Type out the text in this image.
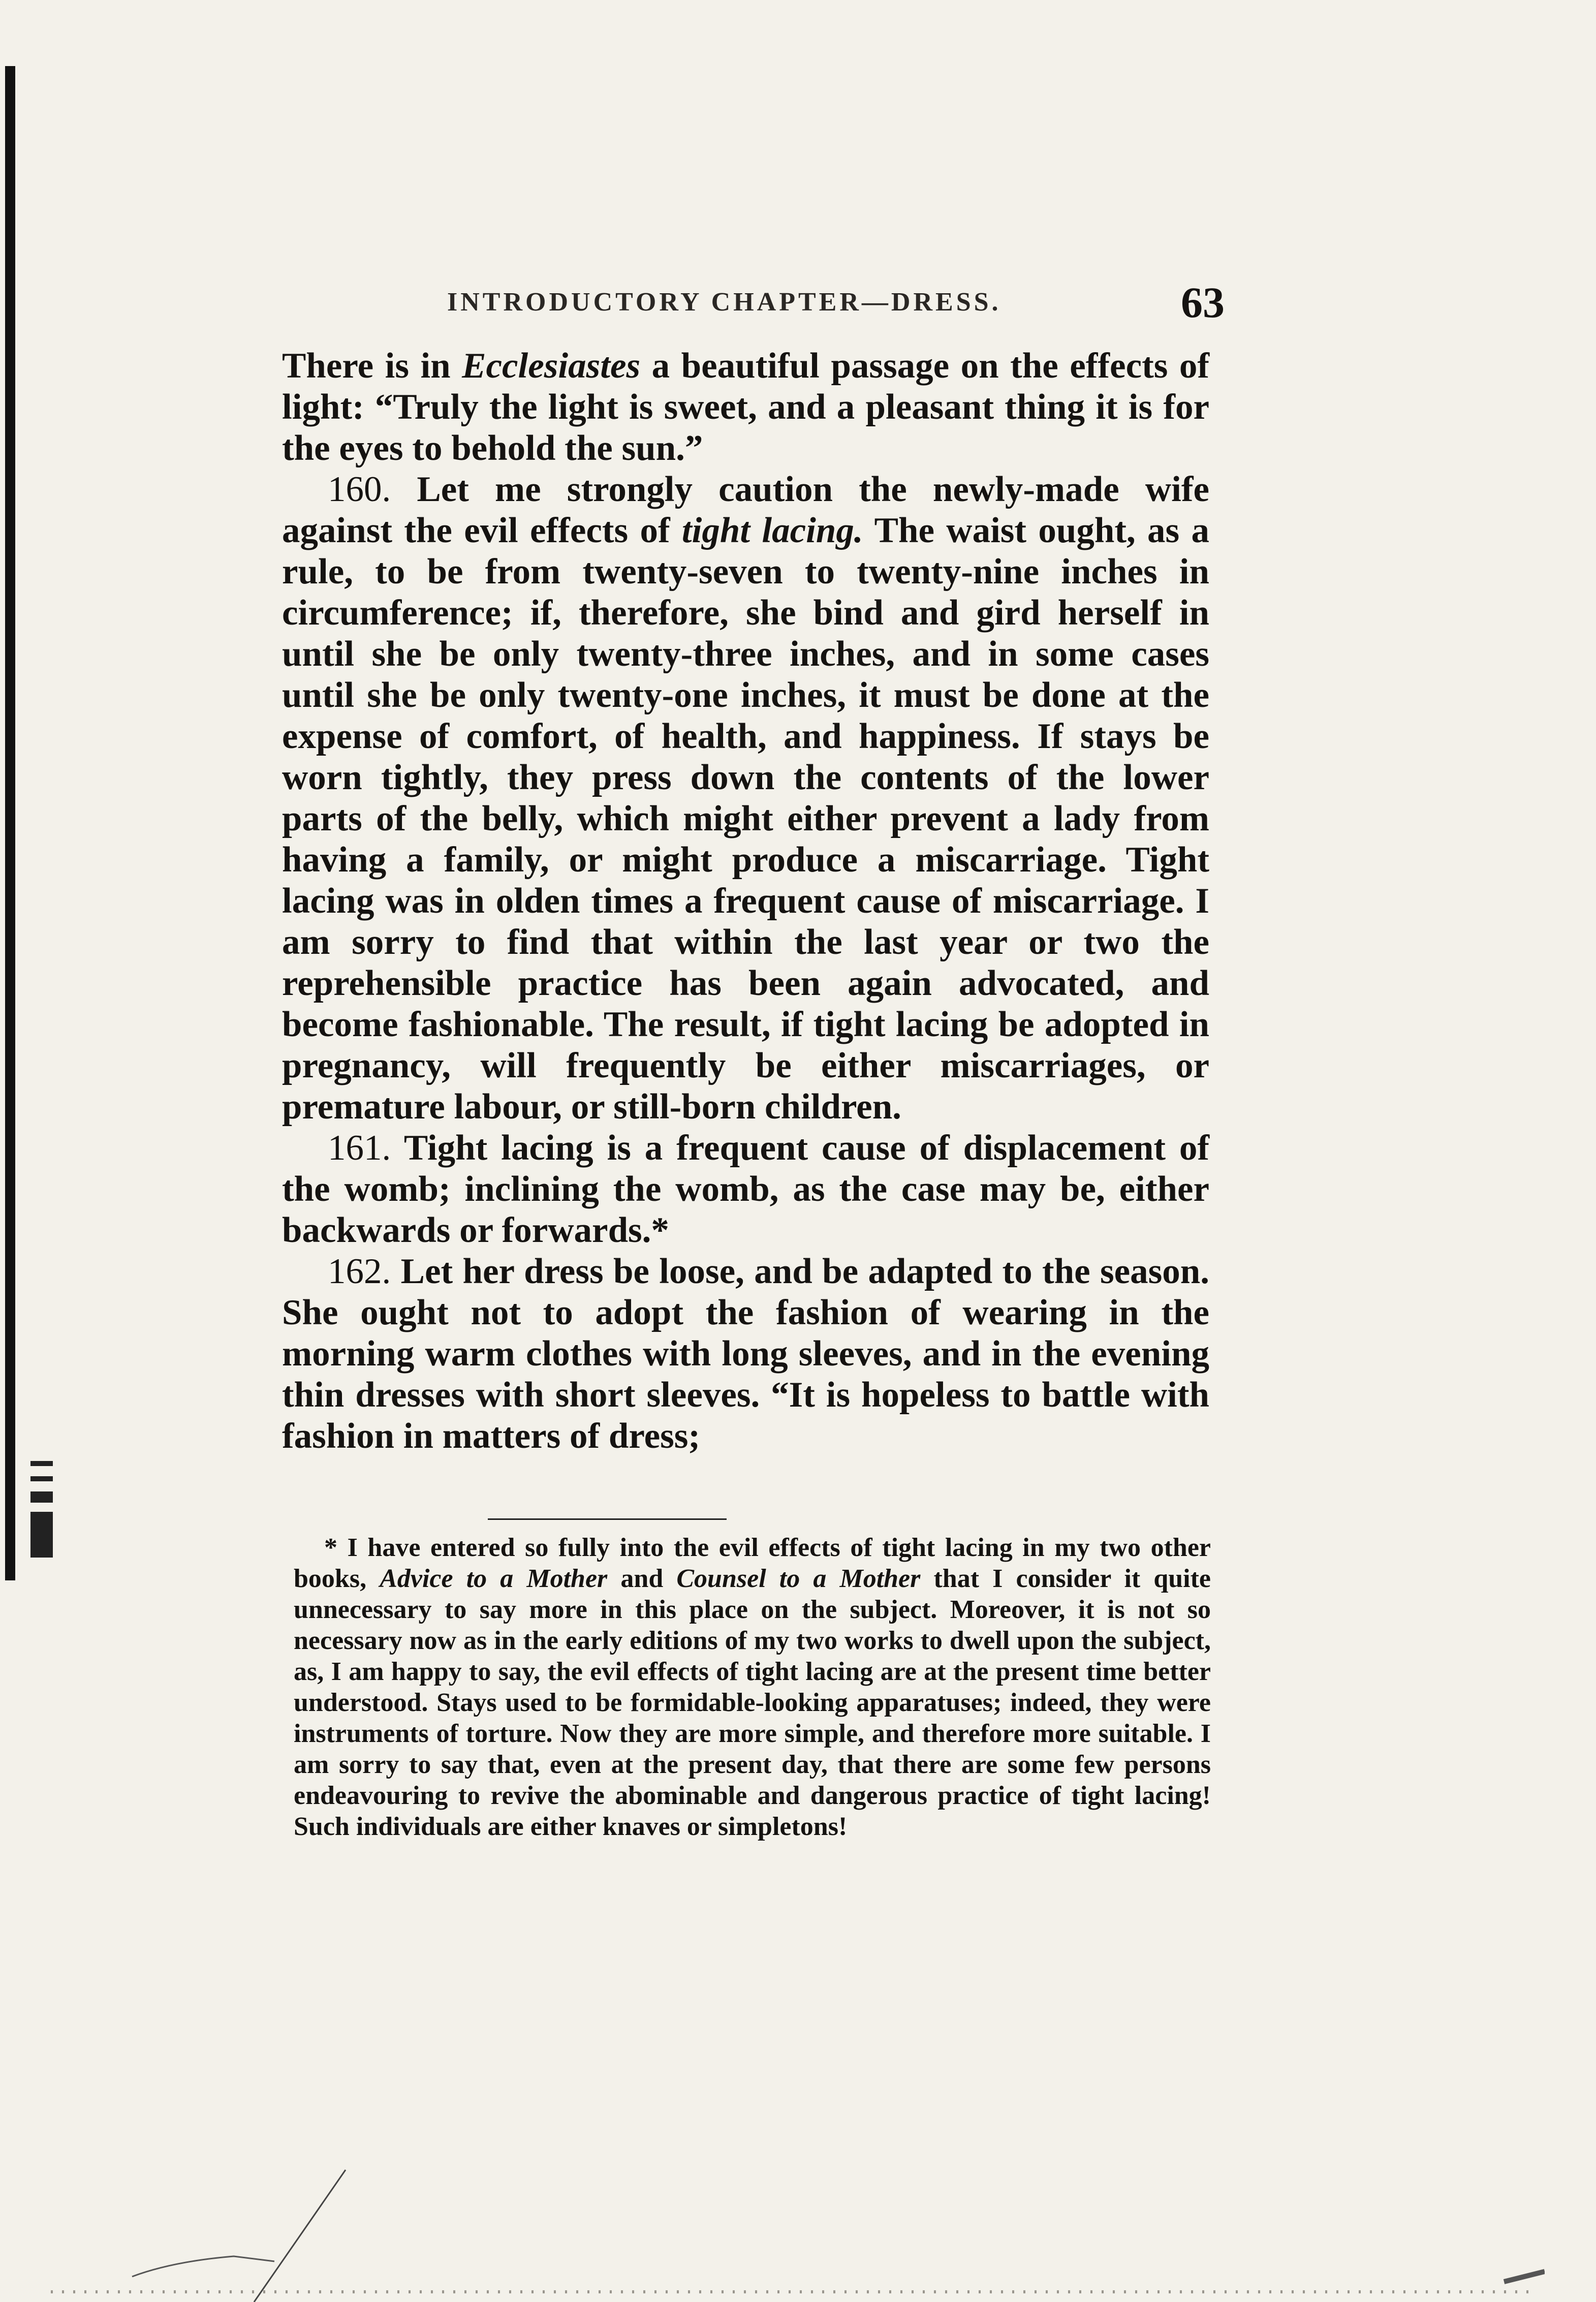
INTRODUCTORY CHAPTER—DRESS.	63

There is in Ecclesiastes a beautiful passage on the effects of light: “Truly the light is sweet, and a pleasant thing it is for the eyes to behold the sun.”

160. Let me strongly caution the newly-made wife against the evil effects of tight lacing. The waist ought, as a rule, to be from twenty-seven to twenty-nine inches in circumference; if, therefore, she bind and gird herself in until she be only twenty-three inches, and in some cases until she be only twenty-one inches, it must be done at the expense of comfort, of health, and happiness. If stays be worn tightly, they press down the contents of the lower parts of the belly, which might either prevent a lady from having a family, or might produce a miscarriage. Tight lacing was in olden times a frequent cause of miscarriage. I am sorry to find that within the last year or two the reprehensible practice has been again advocated, and become fashionable. The result, if tight lacing be adopted in pregnancy, will frequently be either miscarriages, or premature labour, or still-born children.

161. Tight lacing is a frequent cause of displacement of the womb; inclining the womb, as the case may be, either backwards or forwards.*

162. Let her dress be loose, and be adapted to the season. She ought not to adopt the fashion of wearing in the morning warm clothes with long sleeves, and in the evening thin dresses with short sleeves. “It is hopeless to battle with fashion in matters of dress;

* I have entered so fully into the evil effects of tight lacing in my two other books, Advice to a Mother and Counsel to a Mother that I consider it quite unnecessary to say more in this place on the subject. Moreover, it is not so necessary now as in the early editions of my two works to dwell upon the subject, as, I am happy to say, the evil effects of tight lacing are at the present time better understood. Stays used to be formidable-looking apparatuses; indeed, they were instruments of torture. Now they are more simple, and therefore more suitable. I am sorry to say that, even at the present day, that there are some few persons endeavouring to revive the abominable and dangerous practice of tight lacing! Such individuals are either knaves or simpletons!
